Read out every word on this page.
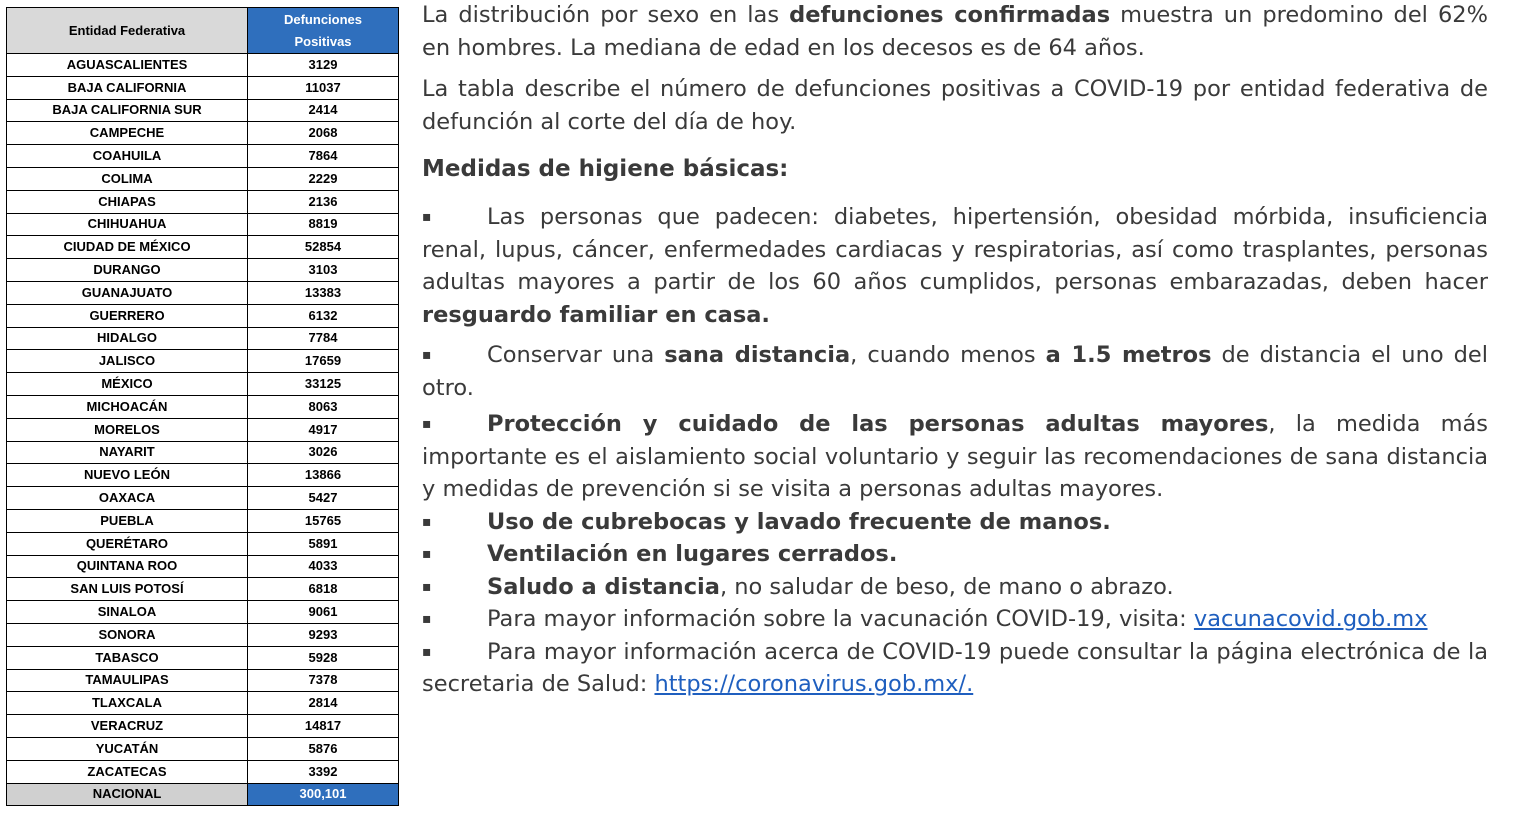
Entidad Federativa	Defunciones
Positivas
AGUASCALIENTES	3129
BAJA CALIFORNIA	11037
BAJA CALIFORNIA SUR	2414
CAMPECHE	2068
COAHUILA	7864
COLIMA	2229
CHIAPAS	2136
CHIHUAHUA	8819
CIUDAD DE MÉXICO	52854
DURANGO	3103
GUANAJUATO	13383
GUERRERO	6132
HIDALGO	7784
JALISCO	17659
MÉXICO	33125
MICHOACÁN	8063
MORELOS	4917
NAYARIT	3026
NUEVO LEÓN	13866
OAXACA	5427
PUEBLA	15765
QUERÉTARO	5891
QUINTANA ROO	4033
SAN LUIS POTOSÍ	6818
SINALOA	9061
SONORA	9293
TABASCO	5928
TAMAULIPAS	7378
TLAXCALA	2814
VERACRUZ	14817
YUCATÁN	5876
ZACATECAS	3392
NACIONAL	300,101

La distribución por sexo en las defunciones confirmadas muestra un predomino del 62% en hombres. La mediana de edad en los decesos es de 64 años.

La tabla describe el número de defunciones positivas a COVID-19 por entidad federativa de defunción al corte del día de hoy.

Medidas de higiene básicas:

▪ Las personas que padecen: diabetes, hipertensión, obesidad mórbida, insuficiencia renal, lupus, cáncer, enfermedades cardiacas y respiratorias, así como trasplantes, personas adultas mayores a partir de los 60 años cumplidos, personas embarazadas, deben hacer resguardo familiar en casa.

▪ Conservar una sana distancia, cuando menos a 1.5 metros de distancia el uno del otro.

▪ Protección y cuidado de las personas adultas mayores, la medida más importante es el aislamiento social voluntario y seguir las recomendaciones de sana distancia y medidas de prevención si se visita a personas adultas mayores.

▪ Uso de cubrebocas y lavado frecuente de manos.

▪ Ventilación en lugares cerrados.

▪ Saludo a distancia, no saludar de beso, de mano o abrazo.

▪ Para mayor información sobre la vacunación COVID-19, visita: vacunacovid.gob.mx

▪ Para mayor información acerca de COVID-19 puede consultar la página electrónica de la secretaria de Salud: https://coronavirus.gob.mx/.
